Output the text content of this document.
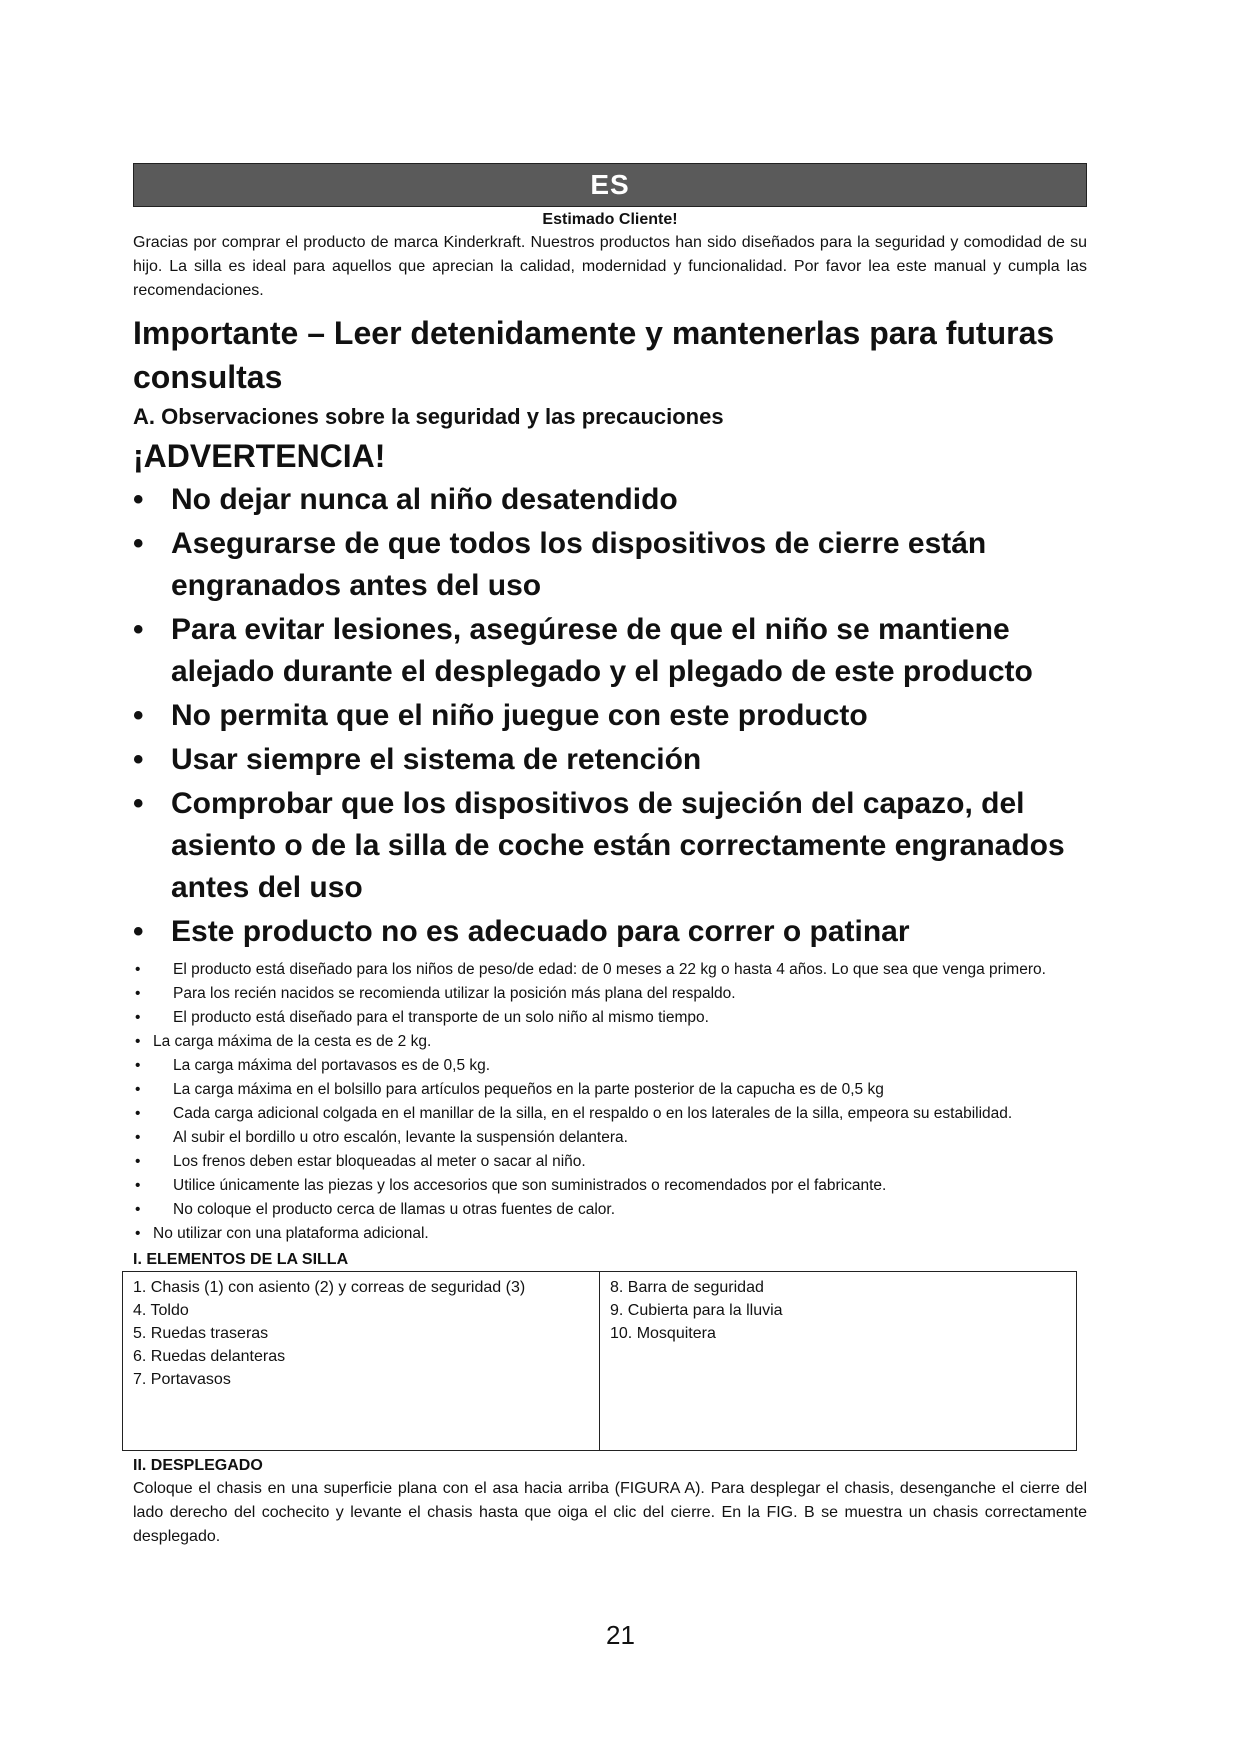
ES
Estimado Cliente!
Gracias por comprar el producto de marca Kinderkraft. Nuestros productos han sido diseñados para la seguridad y comodidad de su hijo. La silla es ideal para aquellos que aprecian la calidad, modernidad y funcionalidad. Por favor lea este manual y cumpla las recomendaciones.
Importante – Leer detenidamente y mantenerlas para futuras consultas
A. Observaciones sobre la seguridad y las precauciones
¡ADVERTENCIA!
• No dejar nunca al niño desatendido
• Asegurarse de que todos los dispositivos de cierre están engranados antes del uso
• Para evitar lesiones, asegúrese de que el niño se mantiene alejado durante el desplegado y el plegado de este producto
• No permita que el niño juegue con este producto
• Usar siempre el sistema de retención
• Comprobar que los dispositivos de sujeción del capazo, del asiento o de la silla de coche están correctamente engranados antes del uso
• Este producto no es adecuado para correr o patinar
• El producto está diseñado para los niños de peso/de edad: de 0 meses a 22 kg o hasta 4 años. Lo que sea que venga primero.
• Para los recién nacidos se recomienda utilizar la posición más plana del respaldo.
• El producto está diseñado para el transporte de un solo niño al mismo tiempo.
• La carga máxima de la cesta es de 2 kg.
• La carga máxima del portavasos es de 0,5 kg.
• La carga máxima en el bolsillo para artículos pequeños en la parte posterior de la capucha es de 0,5 kg
• Cada carga adicional colgada en el manillar de la silla, en el respaldo o en los laterales de la silla, empeora su estabilidad.
• Al subir el bordillo u otro escalón, levante la suspensión delantera.
• Los frenos deben estar bloqueadas al meter o sacar al niño.
• Utilice únicamente las piezas y los accesorios que son suministrados o recomendados por el fabricante.
• No coloque el producto cerca de llamas u otras fuentes de calor.
• No utilizar con una plataforma adicional.
I. ELEMENTOS DE LA SILLA
1. Chasis (1) con asiento (2) y correas de seguridad (3)
4. Toldo
5. Ruedas traseras
6. Ruedas delanteras
7. Portavasos

8. Barra de seguridad
9. Cubierta para la lluvia
10. Mosquitera
II. DESPLEGADO
Coloque el chasis en una superficie plana con el asa hacia arriba (FIGURA A). Para desplegar el chasis, desenganche el cierre del lado derecho del cochecito y levante el chasis hasta que oiga el clic del cierre. En la FIG. B se muestra un chasis correctamente desplegado.
21
